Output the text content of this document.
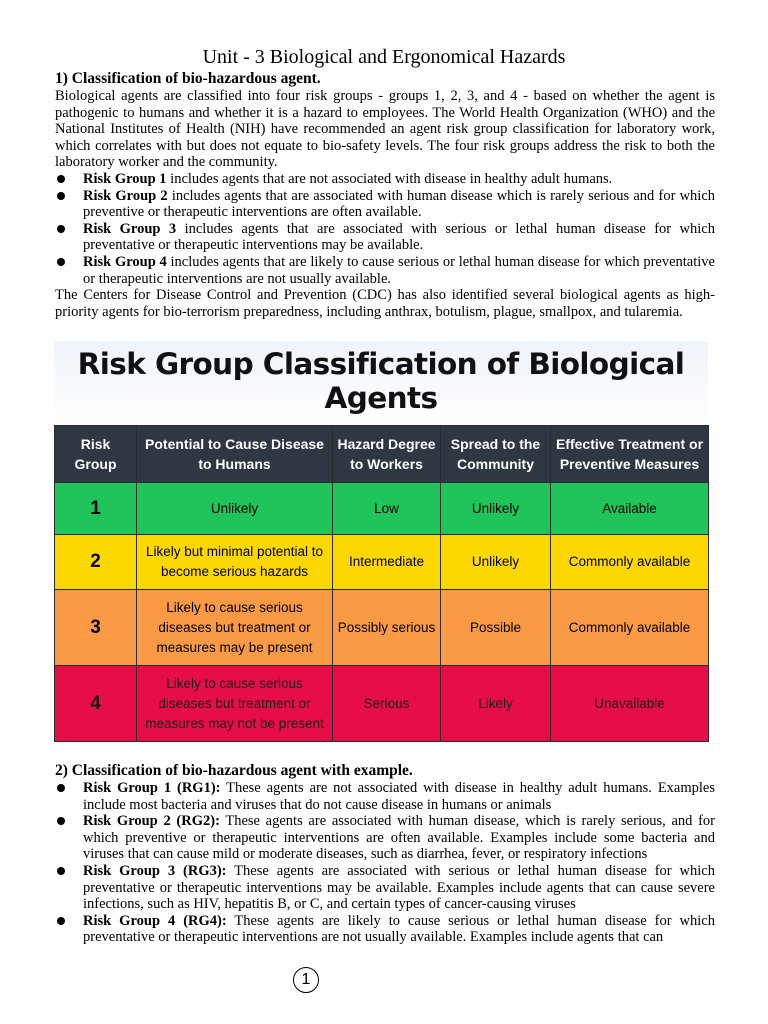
Unit - 3 Biological and Ergonomical Hazards
1) Classification of bio-hazardous agent.

Biological agents are classified into four risk groups - groups 1, 2, 3, and 4 - based on whether the agent is pathogenic to humans and whether it is a hazard to employees. The World Health Organization (WHO) and the National Institutes of Health (NIH) have recommended an agent risk group classification for laboratory work, which correlates with but does not equate to bio-safety levels. The four risk groups address the risk to both the laboratory worker and the community.

Risk Group 1 includes agents that are not associated with disease in healthy adult humans.
Risk Group 2 includes agents that are associated with human disease which is rarely serious and for which preventive or therapeutic interventions are often available.
Risk Group 3 includes agents that are associated with serious or lethal human disease for which preventative or therapeutic interventions may be available.
Risk Group 4 includes agents that are likely to cause serious or lethal human disease for which preventative or therapeutic interventions are not usually available.

The Centers for Disease Control and Prevention (CDC) has also identified several biological agents as high-priority agents for bio-terrorism preparedness, including anthrax, botulism, plague, smallpox, and tularemia.

Risk Group Classification of Biological Agents
Risk Group	Potential to Cause Disease to Humans	Hazard Degree to Workers	Spread to the Community	Effective Treatment or Preventive Measures
1	Unlikely	Low	Unlikely	Available
2	Likely but minimal potential to become serious hazards	Intermediate	Unlikely	Commonly available
3	Likely to cause serious diseases but treatment or measures may be present	Possibly serious	Possible	Commonly available
4	Likely to cause serious diseases but treatment or measures may not be present	Serious	Likely	Unavailable
2) Classification of bio-hazardous agent with example.
Risk Group 1 (RG1): These agents are not associated with disease in healthy adult humans. Examples include most bacteria and viruses that do not cause disease in humans or animals
Risk Group 2 (RG2): These agents are associated with human disease, which is rarely serious, and for which preventive or therapeutic interventions are often available. Examples include some bacteria and viruses that can cause mild or moderate diseases, such as diarrhea, fever, or respiratory infections
Risk Group 3 (RG3): These agents are associated with serious or lethal human disease for which preventative or therapeutic interventions may be available. Examples include agents that can cause severe infections, such as HIV, hepatitis B, or C, and certain types of cancer-causing viruses
Risk Group 4 (RG4): These agents are likely to cause serious or lethal human disease for which preventative or therapeutic interventions are not usually available. Examples include agents that can
1
